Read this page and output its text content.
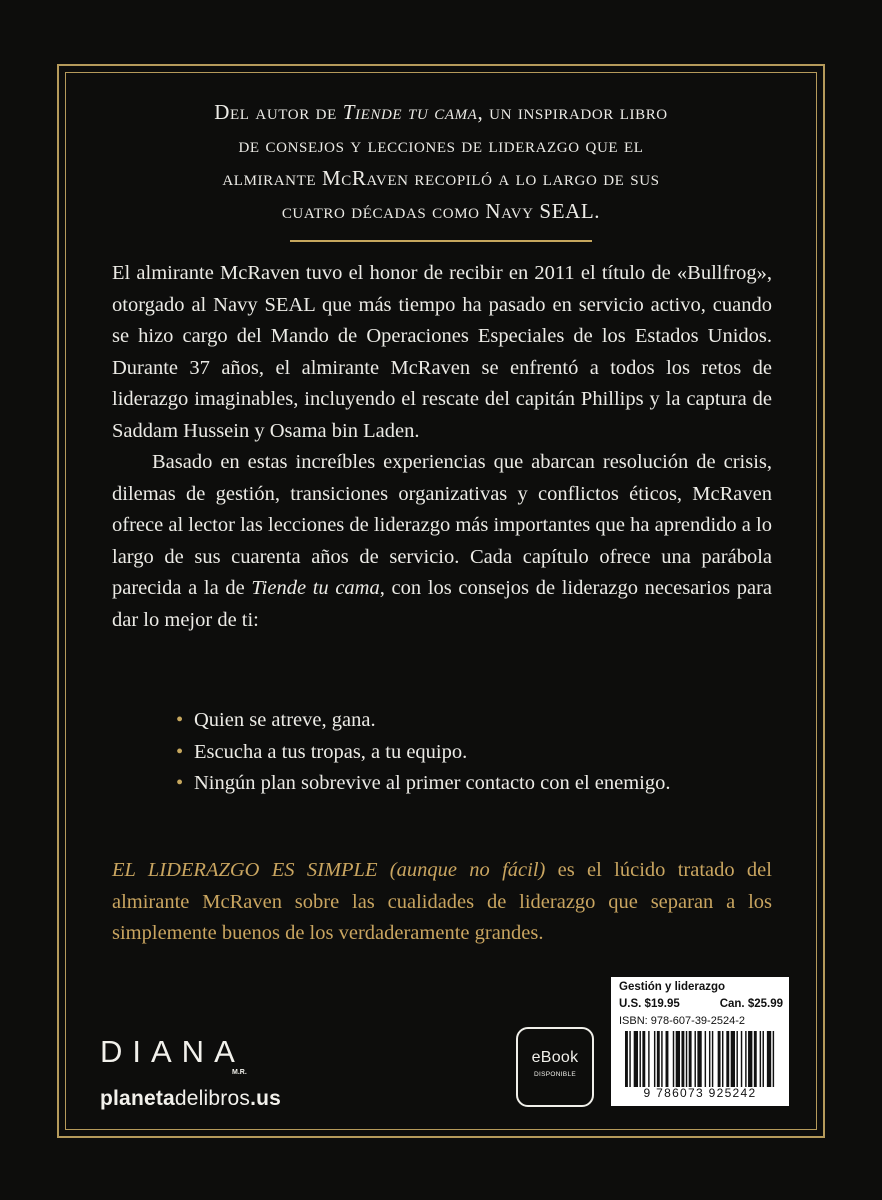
Del autor de Tiende tu cama, un inspirador libro
de consejos y lecciones de liderazgo que el
almirante McRaven recopiló a lo largo de sus
cuatro décadas como Navy SEAL.

El almirante McRaven tuvo el honor de recibir en 2011 el título de «Bullfrog», otorgado al Navy SEAL que más tiempo ha pasado en servicio activo, cuando se hizo cargo del Mando de Operaciones Especiales de los Estados Unidos. Durante 37 años, el almirante McRaven se enfrentó a todos los retos de liderazgo imaginables, incluyendo el rescate del capitán Phillips y la captura de Saddam Hussein y Osama bin Laden.

Basado en estas increíbles experiencias que abarcan resolución de crisis, dilemas de gestión, transiciones organizativas y conflictos éticos, McRaven ofrece al lector las lecciones de liderazgo más importantes que ha aprendido a lo largo de sus cuarenta años de servicio. Cada capítulo ofrece una parábola parecida a la de Tiende tu cama, con los consejos de liderazgo necesarios para dar lo mejor de ti:

• Quien se atreve, gana.
• Escucha a tus tropas, a tu equipo.
• Ningún plan sobrevive al primer contacto con el enemigo.
EL LIDERAZGO ES SIMPLE (aunque no fácil) es el lúcido tratado del almirante McRaven sobre las cualidades de liderazgo que separan a los simplemente buenos de los verdaderamente grandes.
DIANA
M.R.
planetadelibros.us
eBook
DISPONIBLE
Gestión y liderazgo
U.S. $19.95	Can. $25.99
ISBN: 978-607-39-2524-2
9 786073 925242
